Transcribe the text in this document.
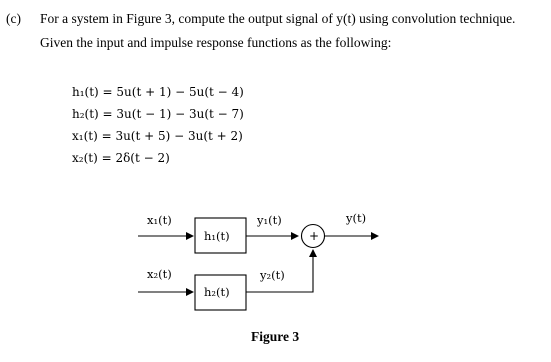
(c) For a system in Figure 3, compute the output signal of y(t) using convolution technique.
Given the input and impulse response functions as the following:
h₁(t) = 5u(t + 1) − 5u(t − 4)
h₂(t) = 3u(t − 1) − 3u(t − 7)
x₁(t) = 3u(t + 5) − 3u(t + 2)
x₂(t) = 2δ(t − 2)
x₁(t)
h₁(t)
y₁(t)
+
y(t)
x₂(t)
h₂(t)
y₂(t)
Figure 3
